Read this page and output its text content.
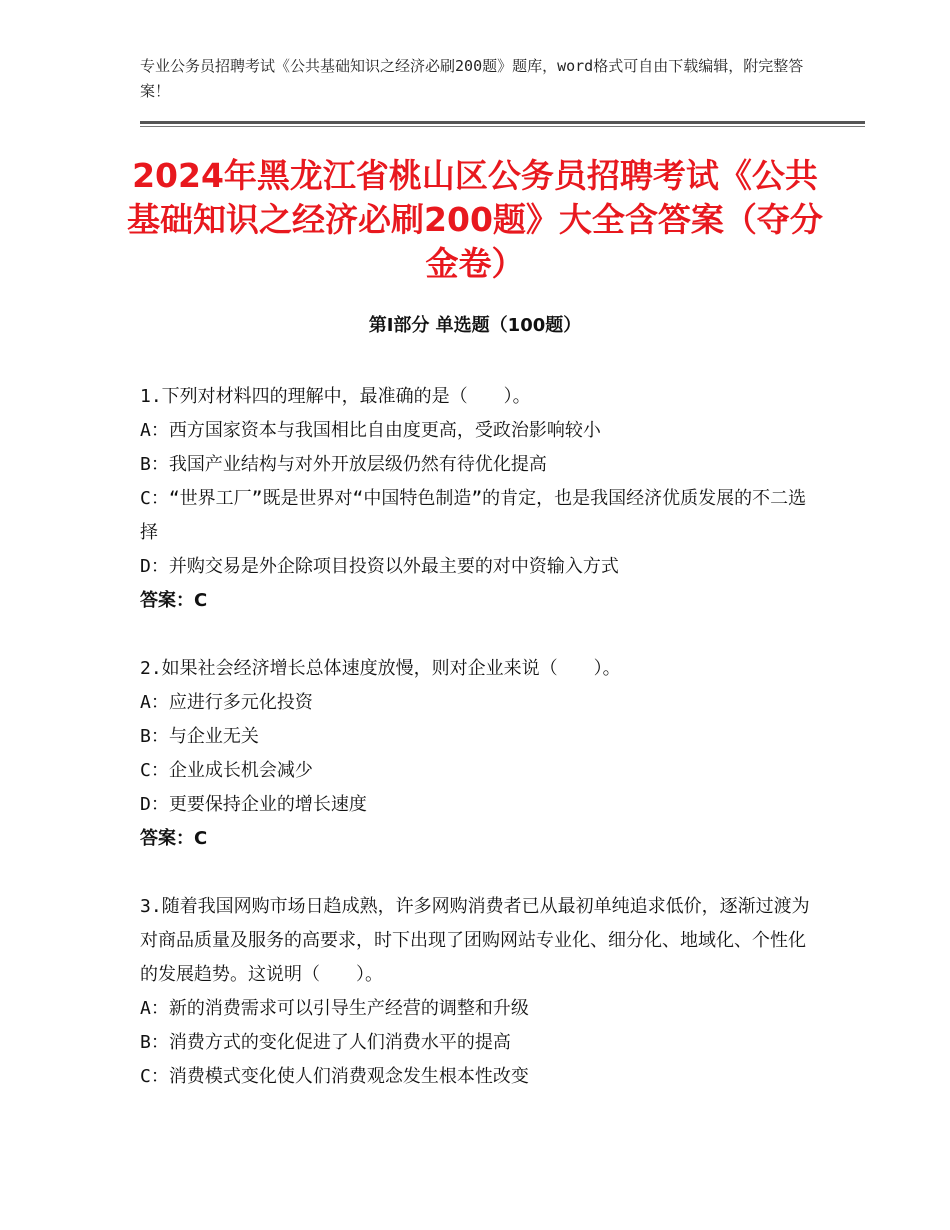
专业公务员招聘考试《公共基础知识之经济必刷200题》题库，word格式可自由下载编辑，附完整答案！
2024年黑龙江省桃山区公务员招聘考试《公共基础知识之经济必刷200题》大全含答案（夺分金卷）
第I部分 单选题（100题）
1.下列对材料四的理解中，最准确的是（　　）。
A：西方国家资本与我国相比自由度更高，受政治影响较小
B：我国产业结构与对外开放层级仍然有待优化提高
C：“世界工厂”既是世界对“中国特色制造”的肯定，也是我国经济优质发展的不二选择
D：并购交易是外企除项目投资以外最主要的对中资输入方式
答案：C
2.如果社会经济增长总体速度放慢，则对企业来说（　　）。
A：应进行多元化投资
B：与企业无关
C：企业成长机会减少
D：更要保持企业的增长速度
答案：C
3.随着我国网购市场日趋成熟，许多网购消费者已从最初单纯追求低价，逐渐过渡为对商品质量及服务的高要求，时下出现了团购网站专业化、细分化、地域化、个性化的发展趋势。这说明（　　）。
A：新的消费需求可以引导生产经营的调整和升级
B：消费方式的变化促进了人们消费水平的提高
C：消费模式变化使人们消费观念发生根本性改变
